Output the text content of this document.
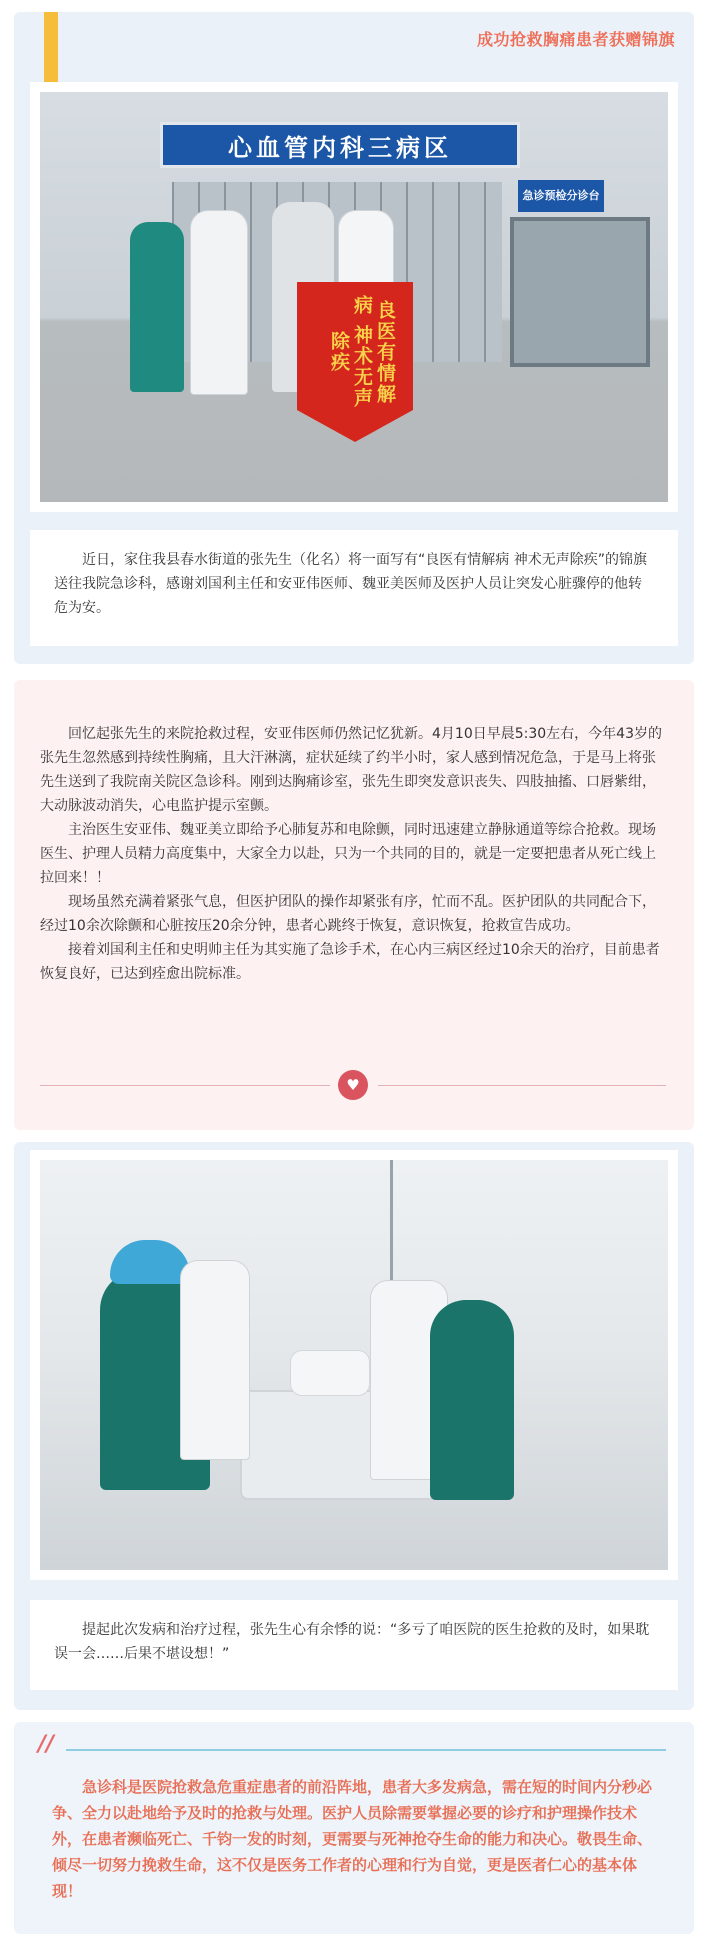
成功抢救胸痛患者获赠锦旗
心血管内科三病区
急诊预检分诊台
良医有情解病 神术无声除疾

近日，家住我县春水街道的张先生（化名）将一面写有“良医有情解病 神术无声除疾”的锦旗送往我院急诊科，感谢刘国利主任和安亚伟医师、魏亚美医师及医护人员让突发心脏骤停的他转危为安。

回忆起张先生的来院抢救过程，安亚伟医师仍然记忆犹新。4月10日早晨5:30左右，今年43岁的张先生忽然感到持续性胸痛，且大汗淋漓，症状延续了约半小时，家人感到情况危急，于是马上将张先生送到了我院南关院区急诊科。刚到达胸痛诊室，张先生即突发意识丧失、四肢抽搐、口唇紫绀，大动脉波动消失，心电监护提示室颤。

主治医生安亚伟、魏亚美立即给予心肺复苏和电除颤，同时迅速建立静脉通道等综合抢救。现场医生、护理人员精力高度集中，大家全力以赴，只为一个共同的目的，就是一定要把患者从死亡线上拉回来！！

现场虽然充满着紧张气息，但医护团队的操作却紧张有序，忙而不乱。医护团队的共同配合下，经过10余次除颤和心脏按压20余分钟，患者心跳终于恢复，意识恢复，抢救宣告成功。

接着刘国利主任和史明帅主任为其实施了急诊手术，在心内三病区经过10余天的治疗，目前患者恢复良好，已达到痊愈出院标准。

♥

提起此次发病和治疗过程，张先生心有余悸的说：“多亏了咱医院的医生抢救的及时，如果耽误一会……后果不堪设想！”

//

急诊科是医院抢救急危重症患者的前沿阵地，患者大多发病急，需在短的时间内分秒必争、全力以赴地给予及时的抢救与处理。医护人员除需要掌握必要的诊疗和护理操作技术外，在患者濒临死亡、千钧一发的时刻，更需要与死神抢夺生命的能力和决心。敬畏生命、倾尽一切努力挽救生命，这不仅是医务工作者的心理和行为自觉，更是医者仁心的基本体现！
